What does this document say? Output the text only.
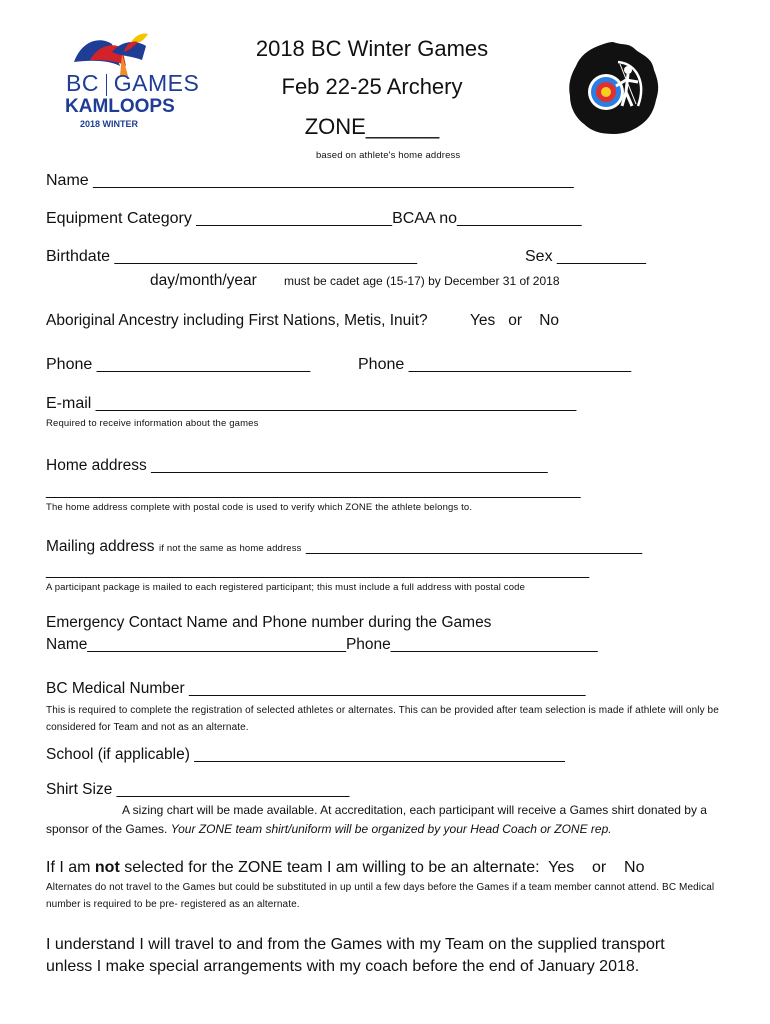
BC GAMES
KAMLOOPS
2018 WINTER
2018 BC Winter Games
Feb 22-25 Archery
ZONE______
based on athlete's home address
Name ______________________________________________________
Equipment Category ______________________BCAA no______________
Birthdate __________________________________	Sex __________
day/month/year must be cadet age (15-17) by December 31 of 2018
Aboriginal Ancestry including First Nations, Metis, Inuit?	Yes   or    No
Phone ________________________	Phone _________________________
E-mail ______________________________________________________
Required to receive information about the games
Home address ______________________________________________
______________________________________________________________
The home address complete with postal code is used to verify which ZONE the athlete belongs to.
Mailing address if not the same as home address _______________________________________
_______________________________________________________________
A participant package is mailed to each registered participant; this must include a full address with postal code
Emergency Contact Name and Phone number during the Games
Name______________________________Phone________________________
BC Medical Number ______________________________________________
This is required to complete the registration of selected athletes or alternates. This can be provided after team selection is made if athlete will only be considered for Team and not as an alternate.
School (if applicable) ___________________________________________
Shirt Size ___________________________
A sizing chart will be made available. At accreditation, each participant will receive a Games shirt donated by a sponsor of the Games. Your ZONE team shirt/uniform will be organized by your Head Coach or ZONE rep.
If I am not selected for the ZONE team I am willing to be an alternate:  Yes    or    No
Alternates do not travel to the Games but could be substituted in up until a few days before the Games if a team member cannot attend. BC Medical number is required to be pre- registered as an alternate.
I understand I will travel to and from the Games with my Team on the supplied transport unless I make special arrangements with my coach before the end of January 2018.
